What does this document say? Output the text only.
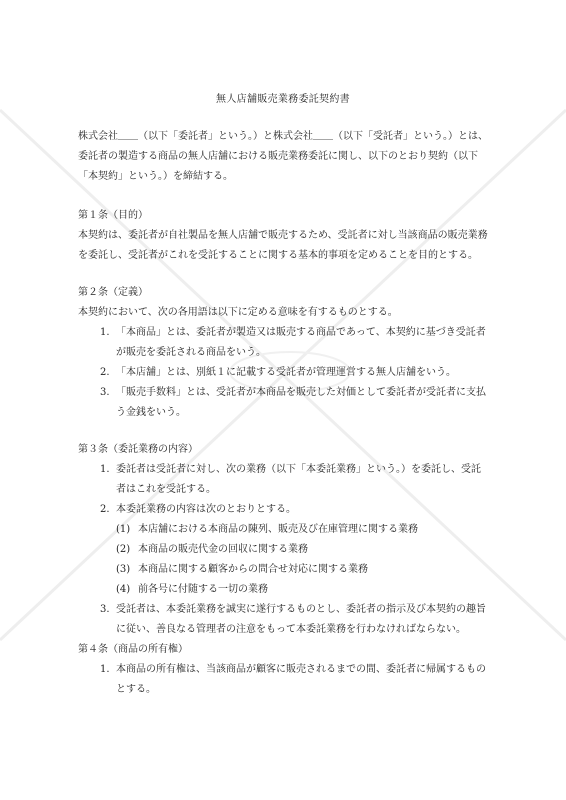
無人店舗販売業務委託契約書

株式会社＿＿（以下「委託者」という。）と株式会社＿＿（以下「受託者」という。）とは、委託者の製造する商品の無人店舗における販売業務委託に関し、以下のとおり契約（以下「本契約」という。）を締結する。

第１条（目的）

本契約は、委託者が自社製品を無人店舗で販売するため、受託者に対し当該商品の販売業務を委託し、受託者がこれを受託することに関する基本的事項を定めることを目的とする。

第２条（定義）

本契約において、次の各用語は以下に定める意味を有するものとする。

1. 「本商品」とは、委託者が製造又は販売する商品であって、本契約に基づき受託者が販売を委託される商品をいう。
2. 「本店舗」とは、別紙１に記載する受託者が管理運営する無人店舗をいう。
3. 「販売手数料」とは、受託者が本商品を販売した対価として委託者が受託者に支払う金銭をいう。

第３条（委託業務の内容）

1. 委託者は受託者に対し、次の業務（以下「本委託業務」という。）を委託し、受託者はこれを受託する。
2. 本委託業務の内容は次のとおりとする。
(1) 本店舗における本商品の陳列、販売及び在庫管理に関する業務
(2) 本商品の販売代金の回収に関する業務
(3) 本商品に関する顧客からの問合せ対応に関する業務
(4) 前各号に付随する一切の業務
3. 受託者は、本委託業務を誠実に遂行するものとし、委託者の指示及び本契約の趣旨に従い、善良なる管理者の注意をもって本委託業務を行わなければならない。

第４条（商品の所有権）

1. 本商品の所有権は、当該商品が顧客に販売されるまでの間、委託者に帰属するものとする。
